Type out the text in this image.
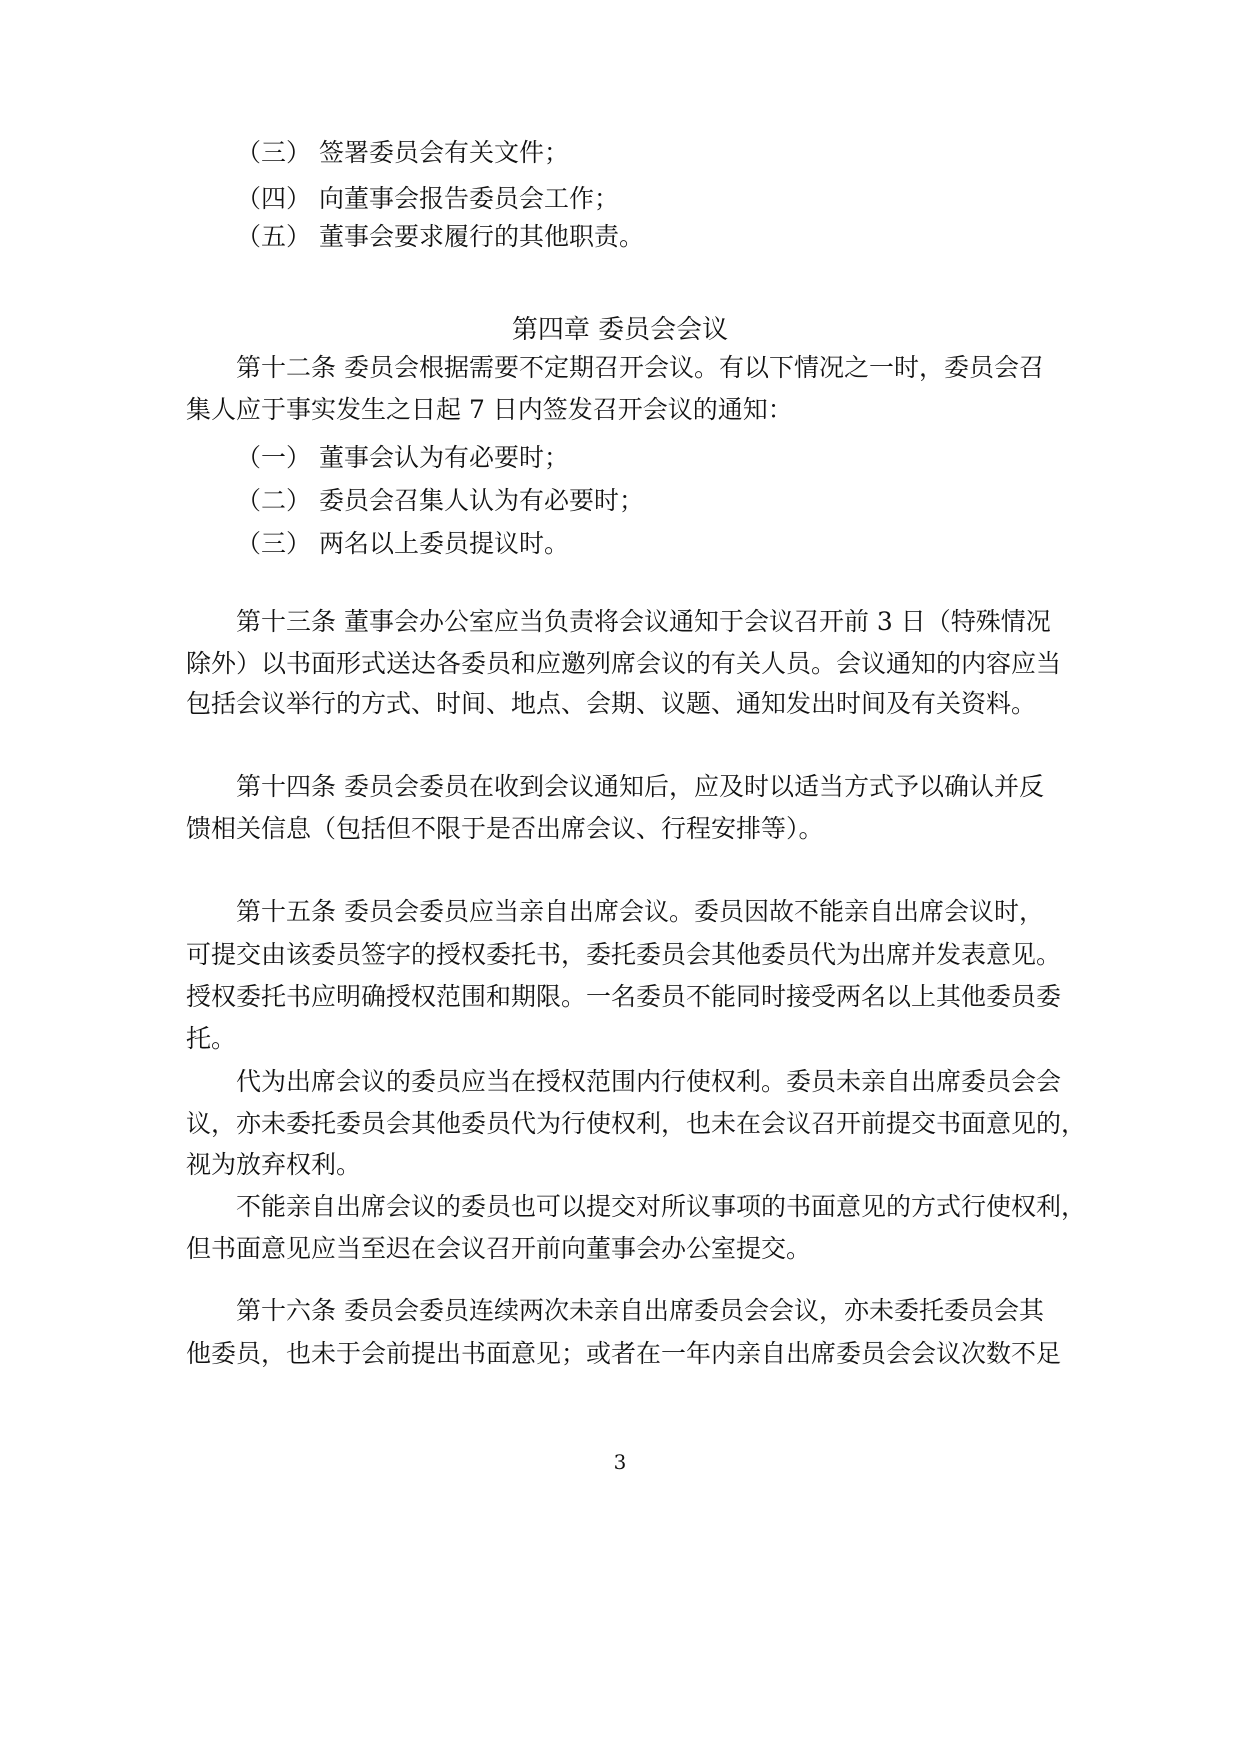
（三） 签署委员会有关文件；
（四） 向董事会报告委员会工作；
（五） 董事会要求履行的其他职责。
第四章 委员会会议
第十二条 委员会根据需要不定期召开会议。有以下情况之一时，委员会召
集人应于事实发生之日起 7 日内签发召开会议的通知：
（一） 董事会认为有必要时；
（二） 委员会召集人认为有必要时；
（三） 两名以上委员提议时。
第十三条 董事会办公室应当负责将会议通知于会议召开前 3 日（特殊情况
除外）以书面形式送达各委员和应邀列席会议的有关人员。会议通知的内容应当
包括会议举行的方式、时间、地点、会期、议题、通知发出时间及有关资料。
第十四条 委员会委员在收到会议通知后，应及时以适当方式予以确认并反
馈相关信息（包括但不限于是否出席会议、行程安排等）。
第十五条 委员会委员应当亲自出席会议。委员因故不能亲自出席会议时，
可提交由该委员签字的授权委托书，委托委员会其他委员代为出席并发表意见。
授权委托书应明确授权范围和期限。一名委员不能同时接受两名以上其他委员委
托。
代为出席会议的委员应当在授权范围内行使权利。委员未亲自出席委员会会
议，亦未委托委员会其他委员代为行使权利，也未在会议召开前提交书面意见的，
视为放弃权利。
不能亲自出席会议的委员也可以提交对所议事项的书面意见的方式行使权利，
但书面意见应当至迟在会议召开前向董事会办公室提交。
第十六条 委员会委员连续两次未亲自出席委员会会议，亦未委托委员会其
他委员，也未于会前提出书面意见；或者在一年内亲自出席委员会会议次数不足
3
